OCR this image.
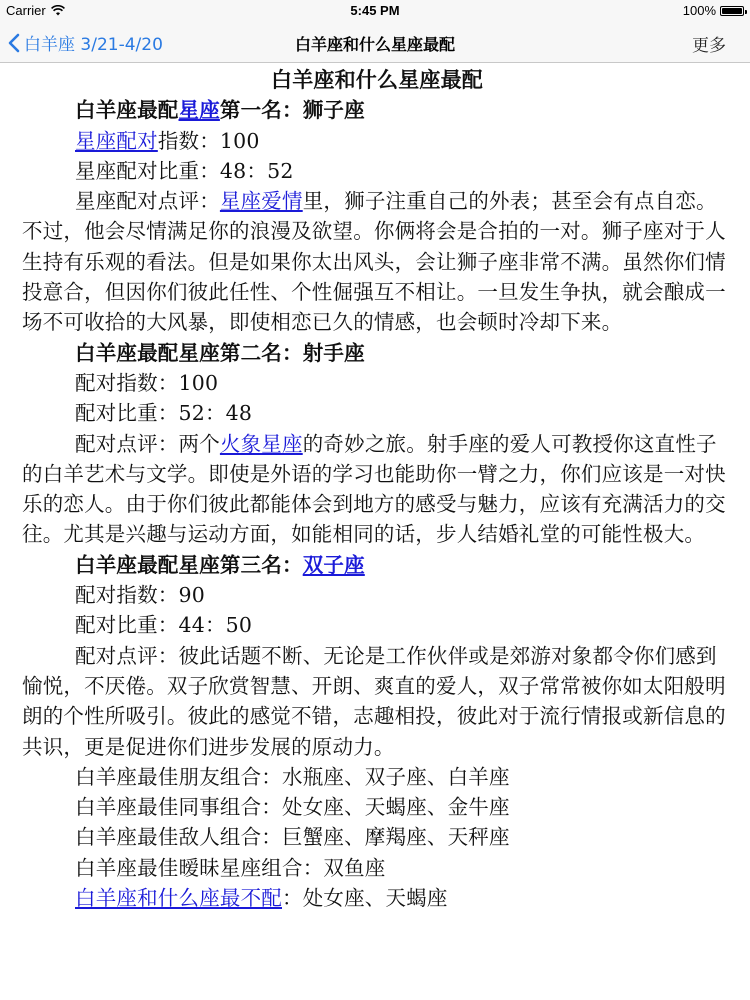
Carrier	5:45 PM	100%
白羊座 3/21-4/20	白羊座和什么星座最配	更多
白羊座和什么星座最配
白羊座最配星座第一名：狮子座

星座配对指数：100

星座配对比重：48：52

星座配对点评：星座爱情里，狮子注重自己的外表；甚至会有点自恋。不过，他会尽情满足你的浪漫及欲望。你俩将会是合拍的一对。狮子座对于人生持有乐观的看法。但是如果你太出风头，会让狮子座非常不满。虽然你们情投意合，但因你们彼此任性、个性倔强互不相让。一旦发生争执，就会酿成一场不可收拾的大风暴，即使相恋已久的情感，也会顿时冷却下来。

白羊座最配星座第二名：射手座

配对指数：100

配对比重：52：48

配对点评：两个火象星座的奇妙之旅。射手座的爱人可教授你这直性子的白羊艺术与文学。即使是外语的学习也能助你一臂之力，你们应该是一对快乐的恋人。由于你们彼此都能体会到地方的感受与魅力，应该有充满活力的交往。尤其是兴趣与运动方面，如能相同的话，步人结婚礼堂的可能性极大。

白羊座最配星座第三名：双子座

配对指数：90

配对比重：44：50

配对点评：彼此话题不断、无论是工作伙伴或是郊游对象都令你们感到愉悦，不厌倦。双子欣赏智慧、开朗、爽直的爱人，双子常常被你如太阳般明朗的个性所吸引。彼此的感觉不错，志趣相投，彼此对于流行情报或新信息的共识，更是促进你们进步发展的原动力。

白羊座最佳朋友组合：水瓶座、双子座、白羊座

白羊座最佳同事组合：处女座、天蝎座、金牛座

白羊座最佳敌人组合：巨蟹座、摩羯座、天秤座

白羊座最佳暧昧星座组合：双鱼座

白羊座和什么座最不配：处女座、天蝎座
